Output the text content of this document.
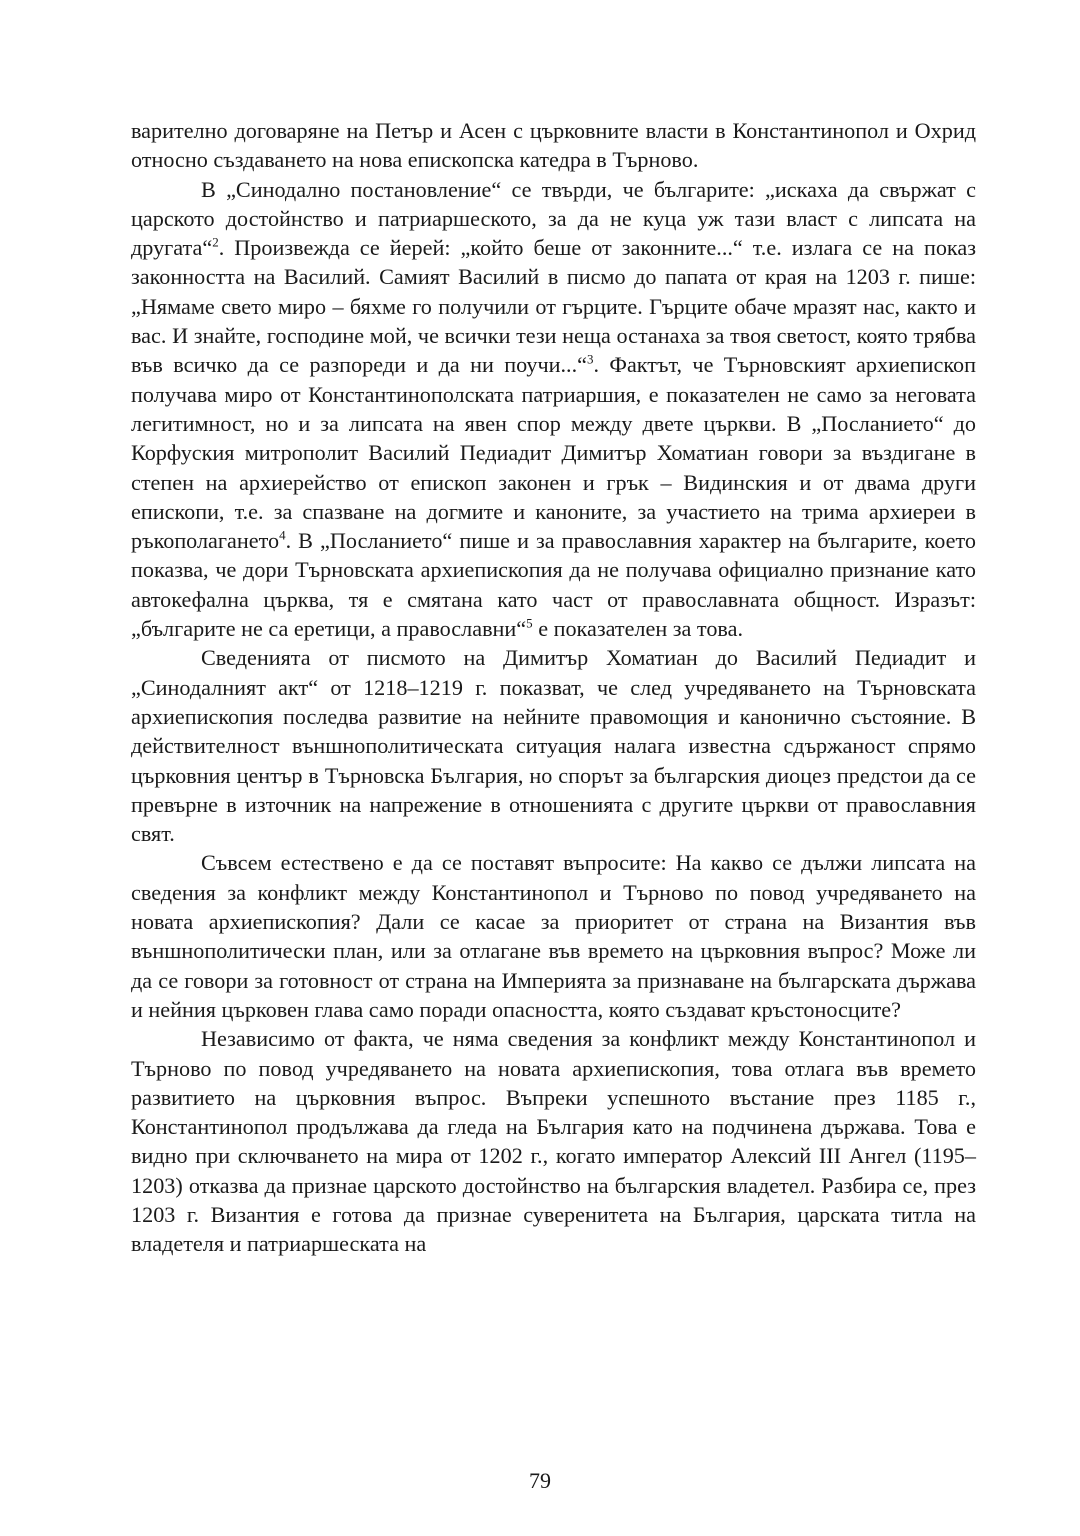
варително договаряне на Петър и Асен с църковните власти в Константинопол и Охрид относно създаването на нова епископска катедра в Търново.

В „Синодално постановление“ се твърди, че българите: „искаха да свържат с царското достойнство и патриаршеското, за да не куца уж тази власт с липсата на другата“$^2$. Произвежда се йерей: „който беше от законните...“ т.е. излага се на показ законността на Василий. Самият Василий в писмо до папата от края на 1203 г. пише: „Нямаме свето миро – бяхме го получили от гърците. Гърците обаче мразят нас, както и вас. И знайте, господине мой, че всички тези неща останаха за твоя светост, която трябва във всичко да се разпореди и да ни поучи...“$^3$. Фактът, че Търновският архиепископ получава миро от Константинополската патриаршия, е показателен не само за неговата легитимност, но и за липсата на явен спор между двете църкви. В „Посланието“ до Корфуския митрополит Василий Педиадит Димитър Хоматиан говори за въздигане в степен на архиерейство от епископ законен и грък – Видинския и от двама други епископи, т.е. за спазване на догмите и каноните, за участието на трима архиереи в ръкополагането$^4$. В „Посланието“ пише и за православния характер на българите, което показва, че дори Търновската архиепископия да не получава официално признание като автокефална църква, тя е смятана като част от православната общност. Изразът: „българите не са еретици, а православни“$^5$ е показателен за това.

Сведенията от писмото на Димитър Хоматиан до Василий Педиадит и „Синодалният акт“ от 1218–1219 г. показват, че след учредяването на Търновската архиепископия последва развитие на нейните правомощия и канонично състояние. В действителност външнополитическата ситуация налага известна сдържаност спрямо църковния център в Търновска България, но спорът за българския диоцез предстои да се превърне в източник на напрежение в отношенията с другите църкви от православния свят.

Съвсем естествено е да се поставят въпросите: На какво се дължи липсата на сведения за конфликт между Константинопол и Търново по повод учредяването на новата архиепископия? Дали се касае за приоритет от страна на Византия във външнополитически план, или за отлагане във времето на църковния въпрос? Може ли да се говори за готовност от страна на Империята за признаване на българската държава и нейния църковен глава само поради опасността, която създават кръстоносците?

Независимо от факта, че няма сведения за конфликт между Константинопол и Търново по повод учредяването на новата архиепископия, това отлага във времето развитието на църковния въпрос. Въпреки успешното въстание през 1185 г., Константинопол продължава да гледа на България като на подчинена държава. Това е видно при сключването на мира от 1202 г., когато император Алексий III Ангел (1195–1203) отказва да признае царското достойнство на българския владетел. Разбира се, през 1203 г. Византия е готова да признае суверенитета на България, царската титла на владетеля и патриаршеската на

79
